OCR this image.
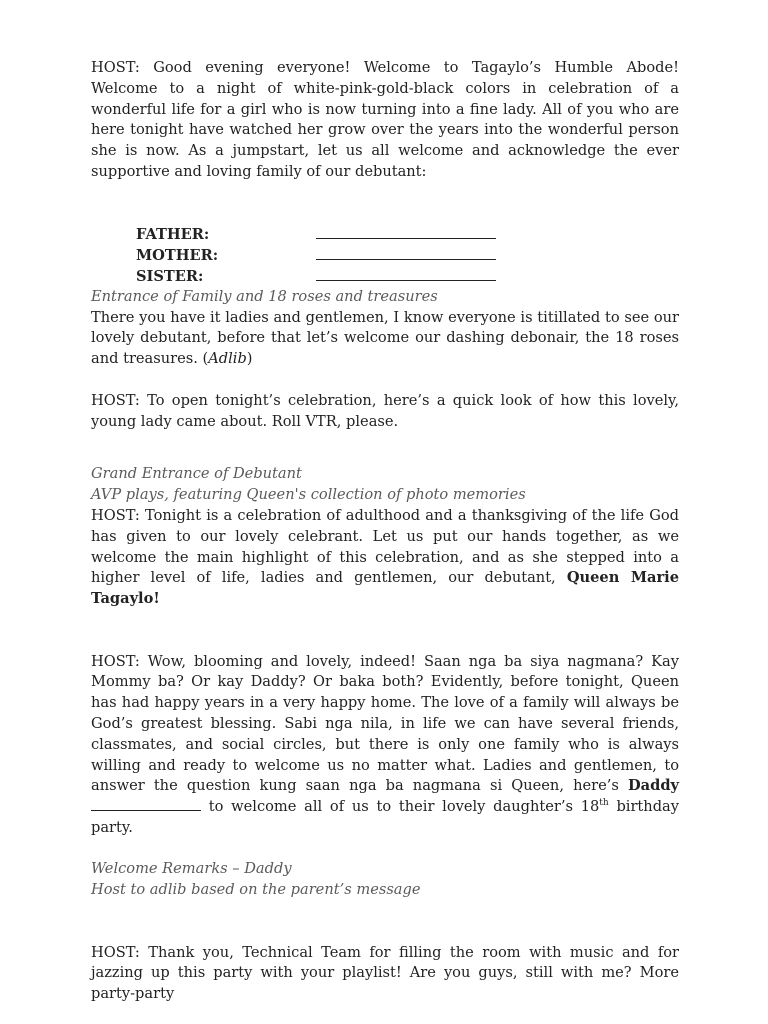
HOST: Good evening everyone! Welcome to Tagaylo’s Humble Abode! Welcome to a night of white-pink-gold-black colors in celebration of a wonderful life for a girl who is now turning into a fine lady. All of you who are here tonight have watched her grow over the years into the wonderful person she is now. As a jumpstart, let us all welcome and acknowledge the ever supportive and loving family of our debutant:

FATHER:
MOTHER:
SISTER:

Entrance of Family and 18 roses and treasures

There you have it ladies and gentlemen, I know everyone is titillated to see our lovely debutant, before that let’s welcome our dashing debonair, the 18 roses and treasures. (Adlib)

HOST: To open tonight’s celebration, here’s a quick look of how this lovely, young lady came about. Roll VTR, please.

Grand Entrance of Debutant

AVP plays, featuring Queen's collection of photo memories

HOST: Tonight is a celebration of adulthood and a thanksgiving of the life God has given to our lovely celebrant. Let us put our hands together, as we welcome the main highlight of this celebration, and as she stepped into a higher level of life, ladies and gentlemen, our debutant, Queen Marie Tagaylo!

HOST: Wow, blooming and lovely, indeed! Saan nga ba siya nagmana? Kay Mommy ba? Or kay Daddy? Or baka both? Evidently, before tonight, Queen has had happy years in a very happy home. The love of a family will always be God’s greatest blessing. Sabi nga nila, in life we can have several friends, classmates, and social circles, but there is only one family who is always willing and ready to welcome us no matter what. Ladies and gentlemen, to answer the question kung saan nga ba nagmana si Queen, here’s Daddy  to welcome all of us to their lovely daughter’s 18th birthday party.

Welcome Remarks – Daddy

Host to adlib based on the parent’s message

HOST: Thank you, Technical Team for filling the room with music and for jazzing up this party with your playlist! Are you guys, still with me? More party-party
